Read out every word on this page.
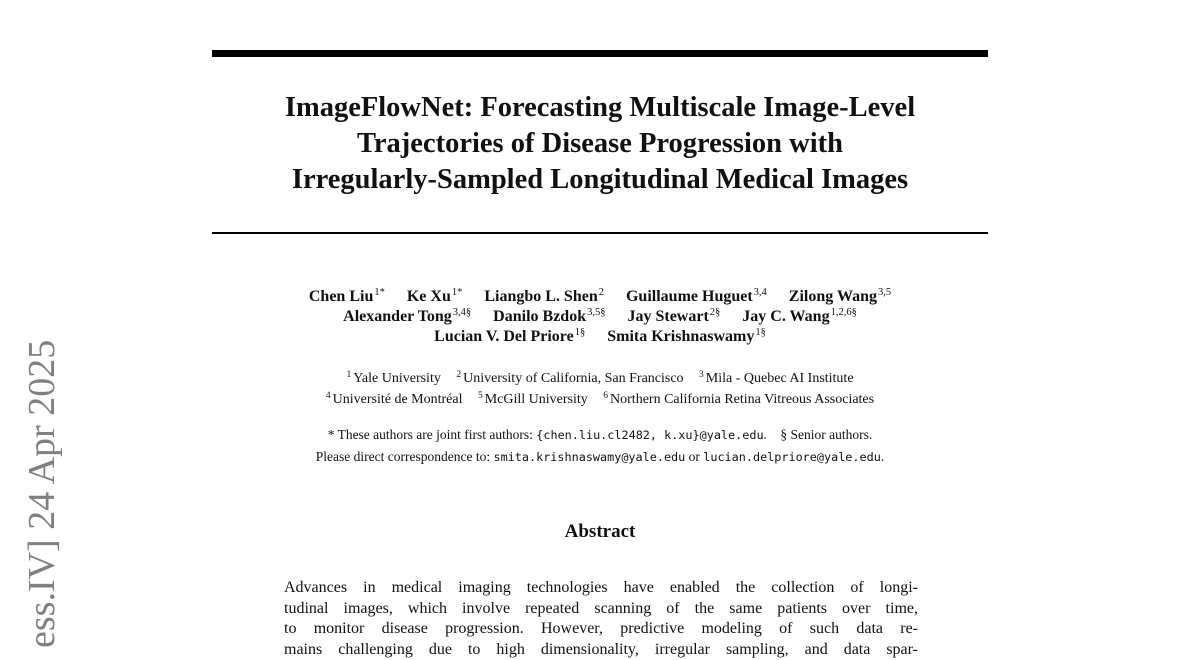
ess.IV] 24 Apr 2025
ImageFlowNet: Forecasting Multiscale Image-Level
Trajectories of Disease Progression with
Irregularly-Sampled Longitudinal Medical Images
Chen Liu$^{1*}$ Ke $Xu^{1*}$ Liangbo L. Shen$^2$ Guillaume Huguet$^{3,4}$ Zilong Wang$^{3,5}$
Alexander Tong$^{3,4\S}$ Danilo Bzdok$^{3,5\S}$ Jay Stewart$^{2\S}$ Jay C. Wang$^{1,2,6\S}$
Lucian V. Del Priore$^{1\S}$ Smita Krishnaswamy$^{1\S}$
$^1$ Yale University $^2$ University of California, San Francisco $^3$ Mila - Quebec AI Institute
$^4$ Université de Montréal $^5$ McGill University $^6$ Northern California Retina Vitreous Associates
* These authors are joint first authors: {chen.liu.cl2482, k.xu}@yale.edu. § Senior authors.
Please direct correspondence to: smita.krishnaswamy@yale.edu or lucian.delpriore@yale.edu.
Abstract
Advances in medical imaging technologies have enabled the collection of longi-
tudinal images, which involve repeated scanning of the same patients over time,
to monitor disease progression. However, predictive modeling of such data re-
mains challenging due to high dimensionality, irregular sampling, and data spar-
